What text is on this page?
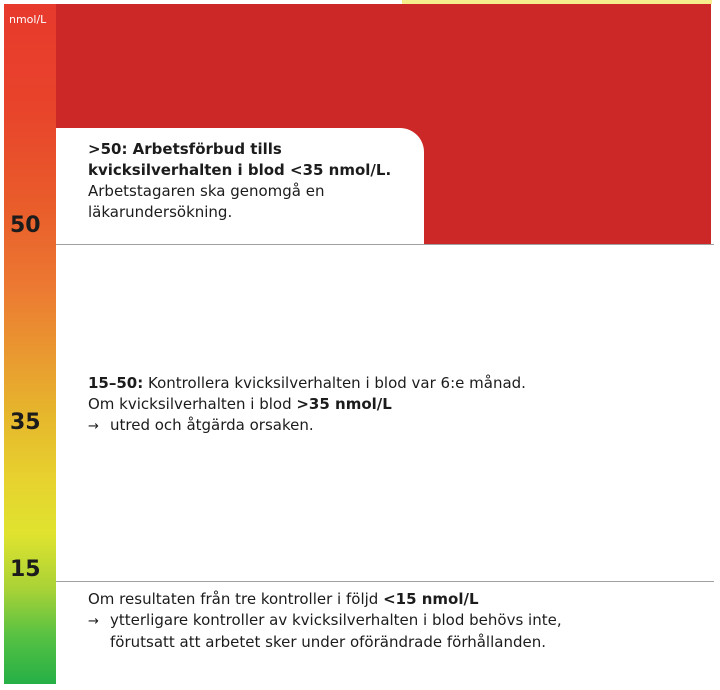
nmol/L
50
35
15
>50: Arbetsförbud tills
kvicksilverhalten i blod <35 nmol/L.
Arbetstagaren ska genomgå en
läkarundersökning.
15–50: Kontrollera kvicksilverhalten i blod var 6:e månad.
Om kvicksilverhalten i blod >35 nmol/L
→ utred och åtgärda orsaken.
Om resultaten från tre kontroller i följd <15 nmol/L
→ ytterligare kontroller av kvicksilverhalten i blod behövs inte,
förutsatt att arbetet sker under oförändrade förhållanden.
